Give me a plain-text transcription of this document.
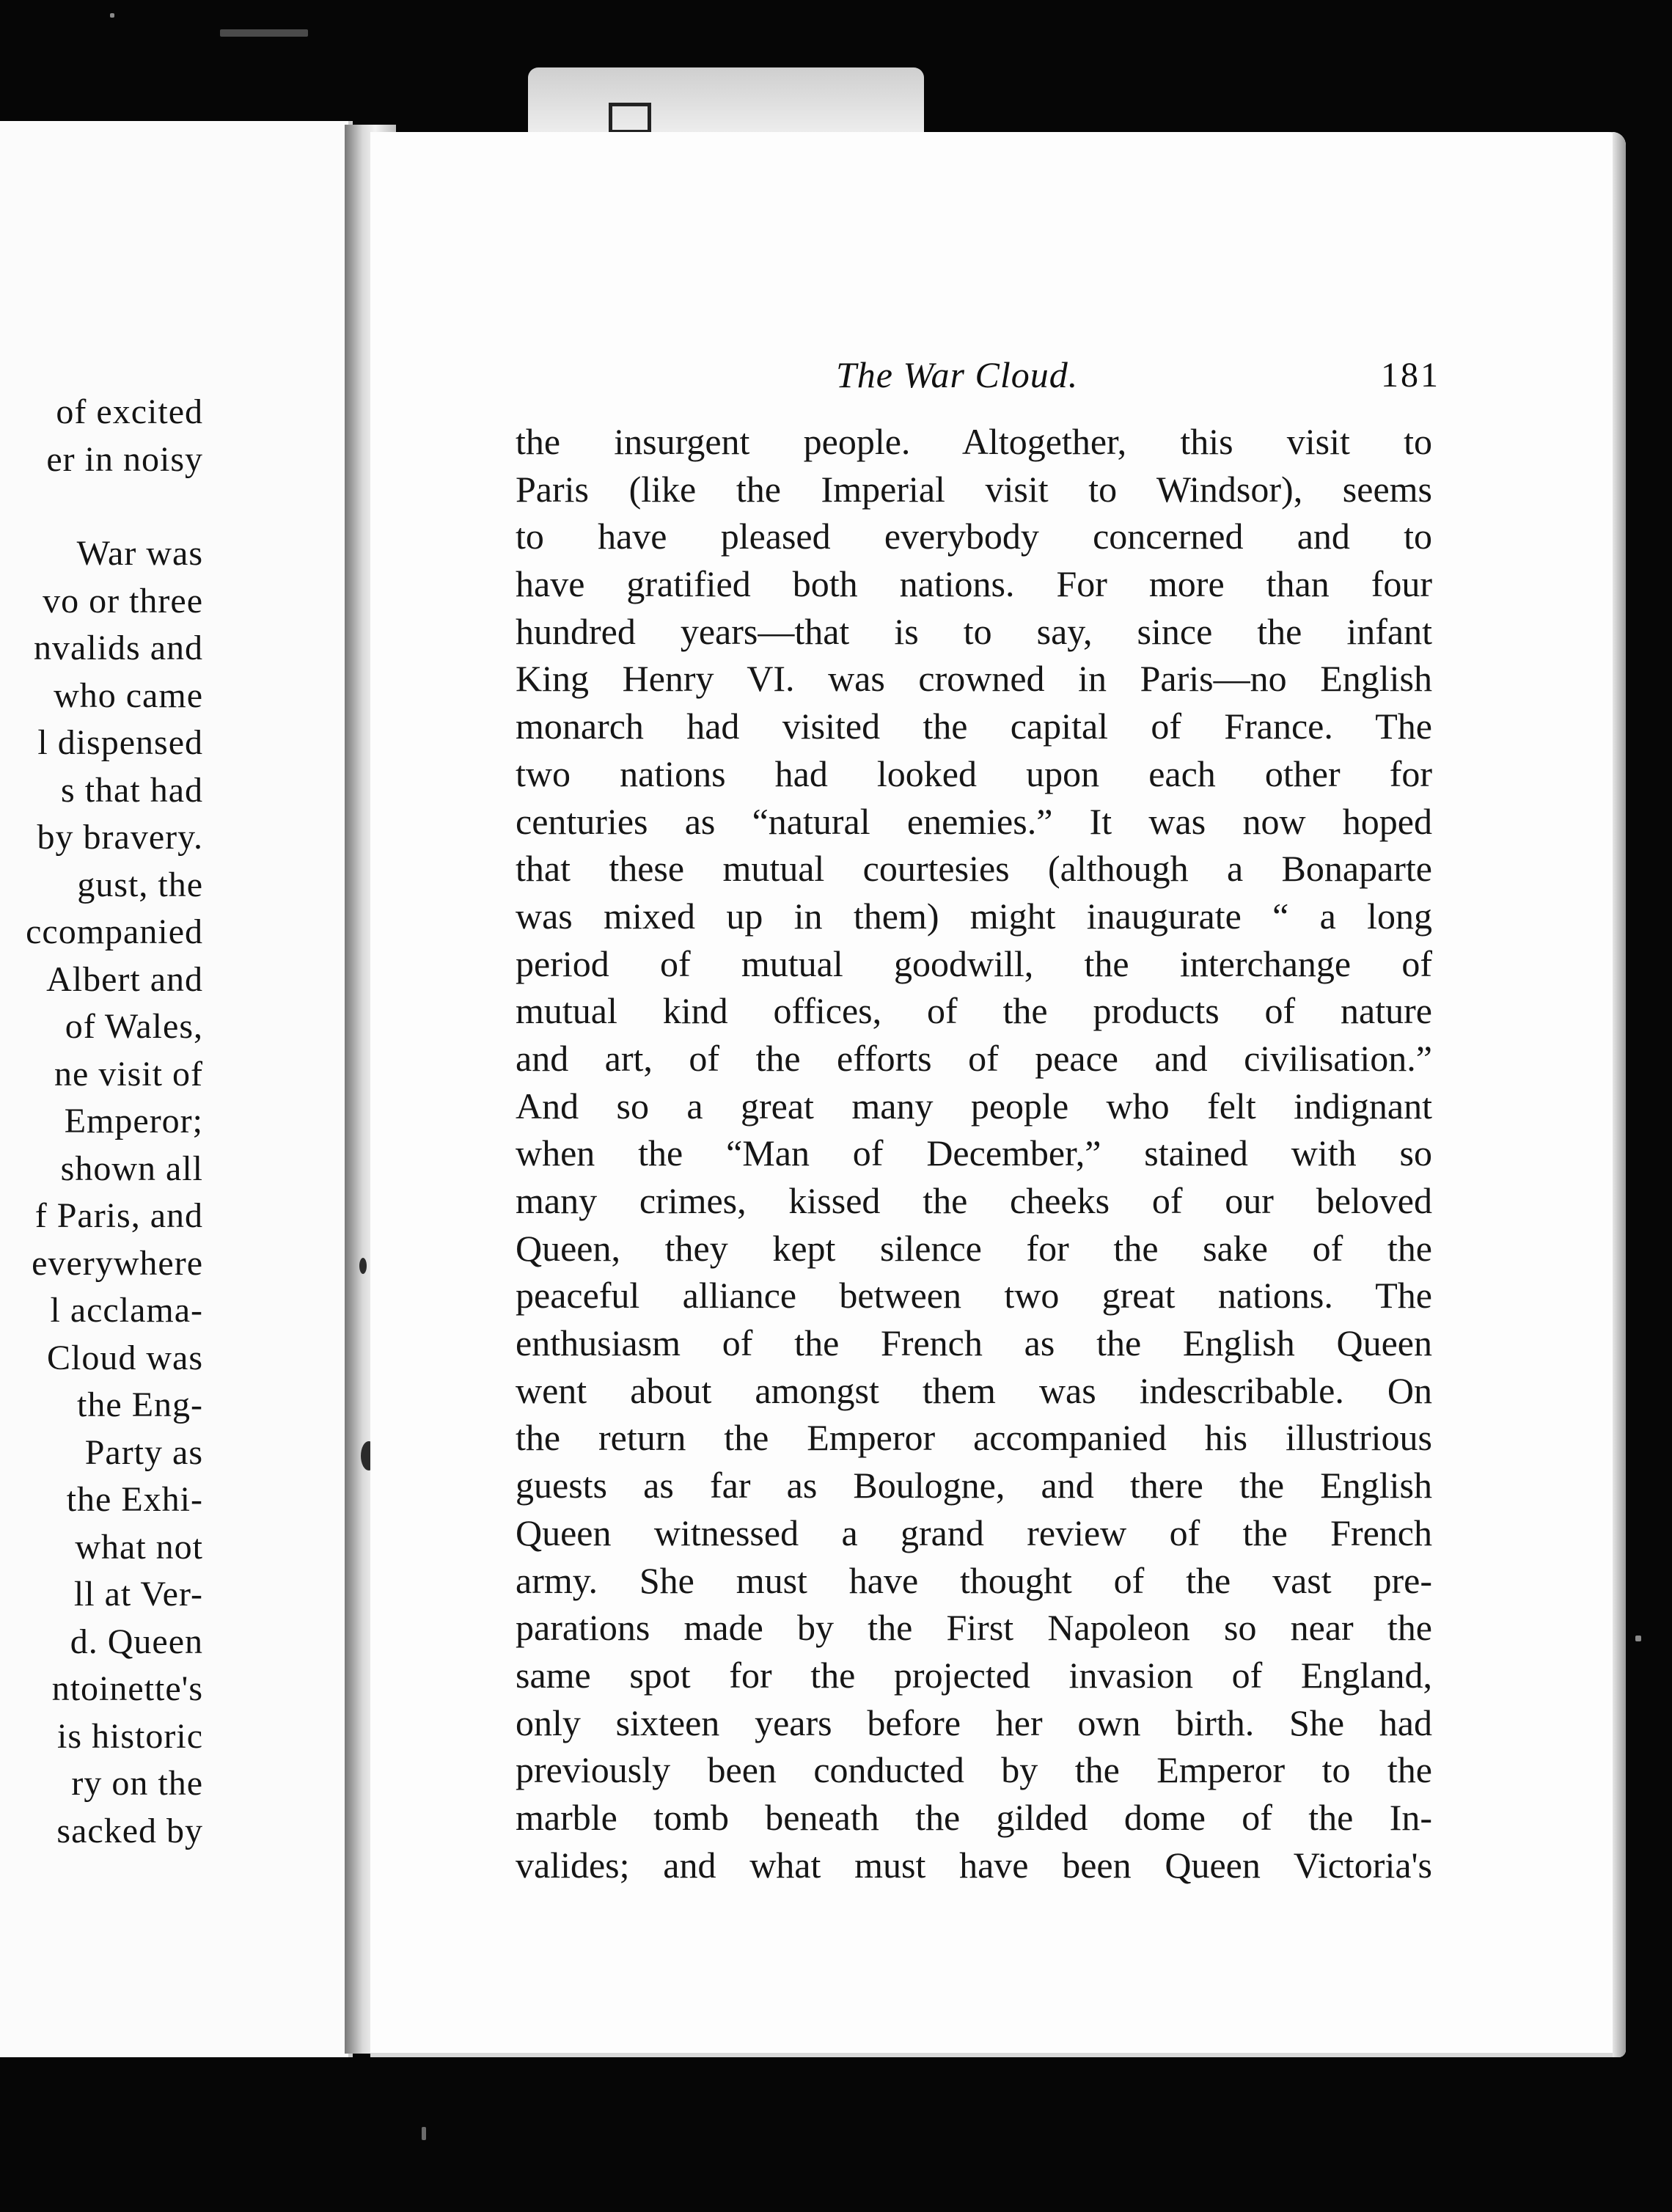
of excited
er in noisy
War was
vo or three
nvalids and
who came
l dispensed
s that had
by bravery.
gust, the
ccompanied
Albert and
of Wales,
ne visit of
Emperor;
shown all
f Paris, and
everywhere
l acclama-
Cloud was
the Eng-
Party as
the Exhi-
what not
ll at Ver-
d. Queen
ntoinette's
is historic
ry on the
sacked by
The War Cloud.	181
the insurgent people. Altogether, this visit to
Paris (like the Imperial visit to Windsor), seems
to have pleased everybody concerned and to
have gratified both nations. For more than four
hundred years—that is to say, since the infant
King Henry VI. was crowned in Paris—no English
monarch had visited the capital of France. The
two nations had looked upon each other for
centuries as “natural enemies.” It was now hoped
that these mutual courtesies (although a Bonaparte
was mixed up in them) might inaugurate “ a long
period of mutual goodwill, the interchange of
mutual kind offices, of the products of nature
and art, of the efforts of peace and civilisation.”
And so a great many people who felt indignant
when the “Man of December,” stained with so
many crimes, kissed the cheeks of our beloved
Queen, they kept silence for the sake of the
peaceful alliance between two great nations. The
enthusiasm of the French as the English Queen
went about amongst them was indescribable. On
the return the Emperor accompanied his illustrious
guests as far as Boulogne, and there the English
Queen witnessed a grand review of the French
army. She must have thought of the vast pre-
parations made by the First Napoleon so near the
same spot for the projected invasion of England,
only sixteen years before her own birth. She had
previously been conducted by the Emperor to the
marble tomb beneath the gilded dome of the In-
valides; and what must have been Queen Victoria's
